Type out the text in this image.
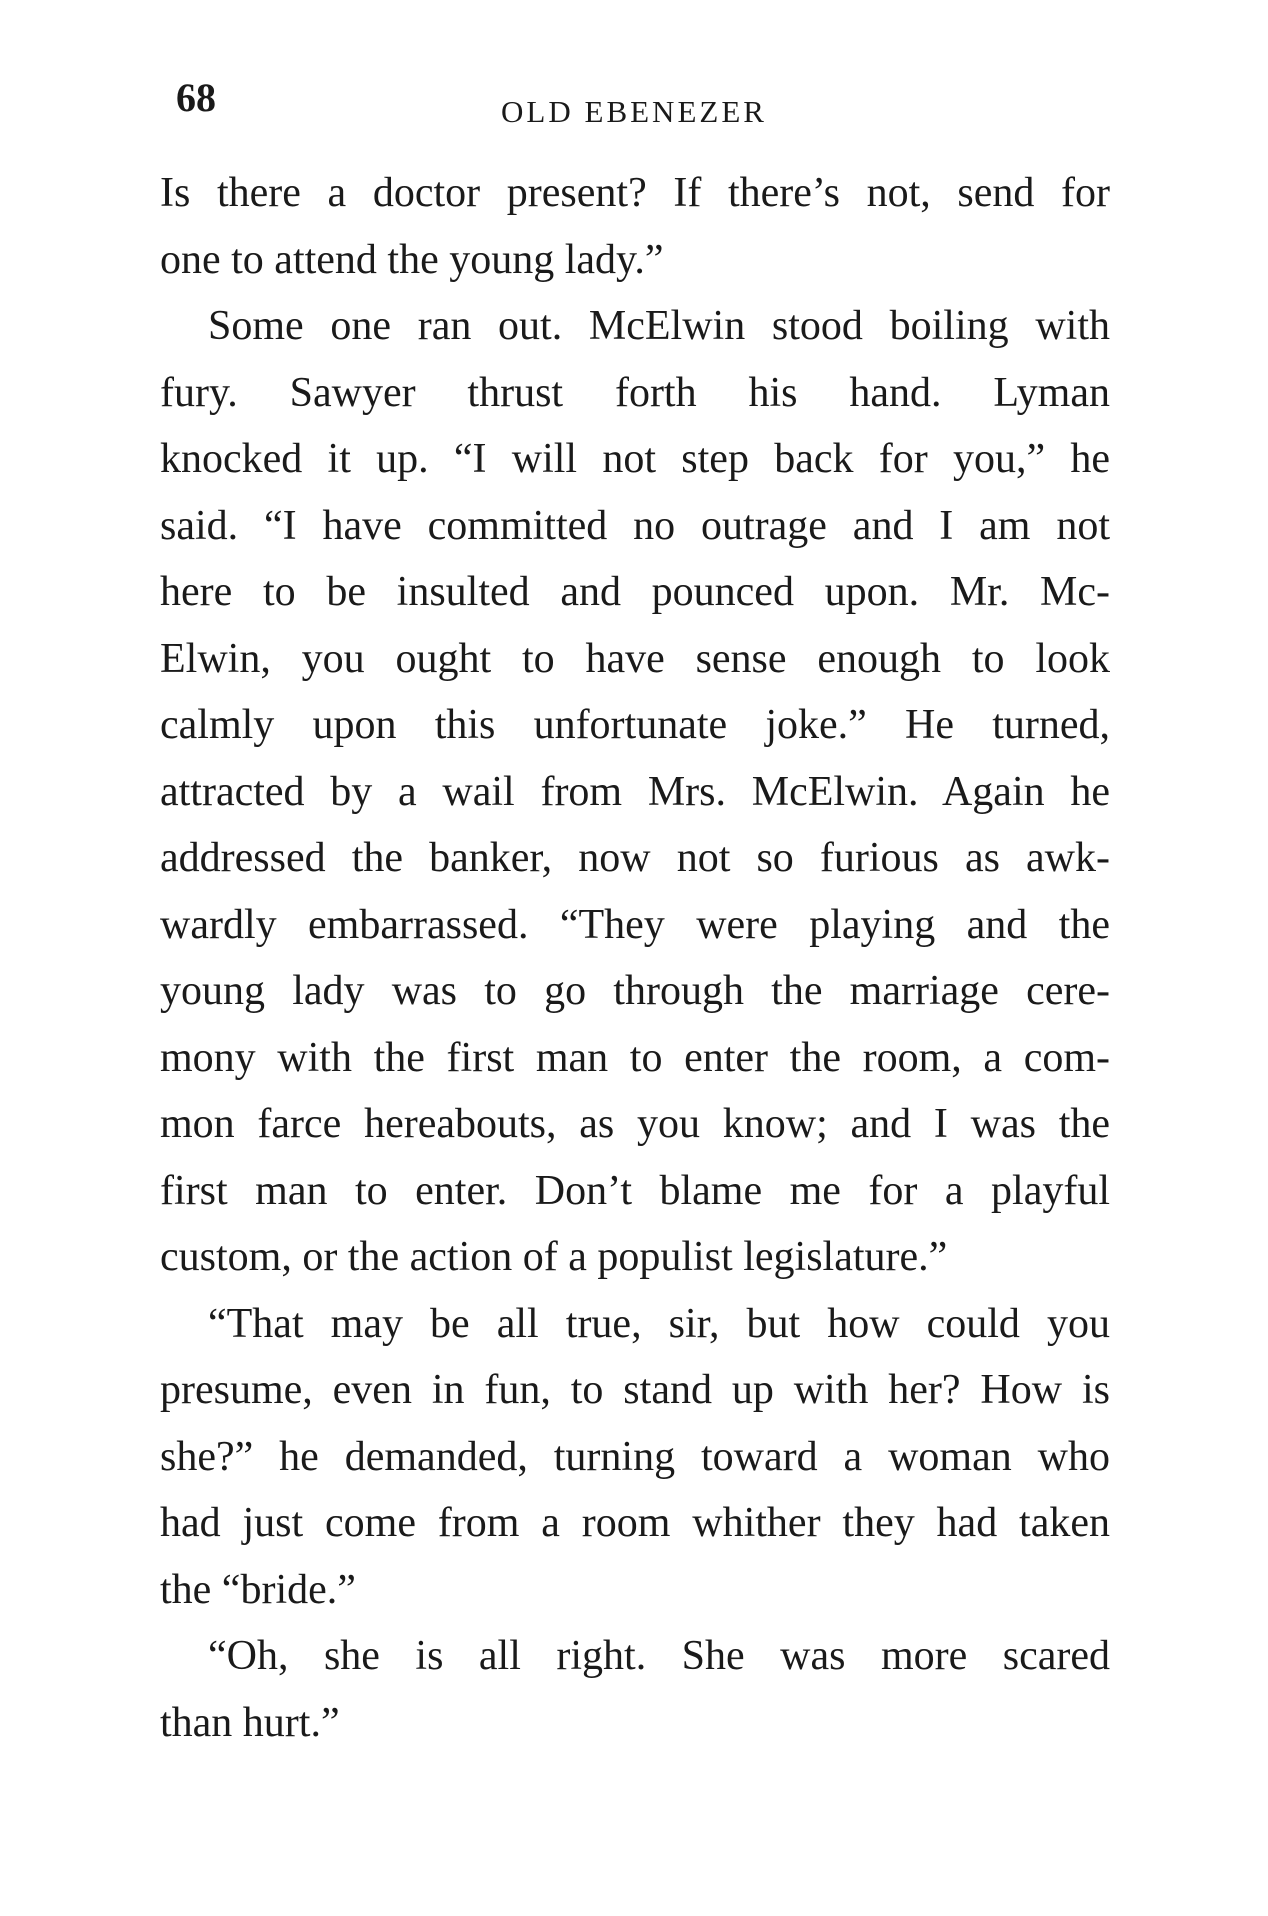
68	OLD EBENEZER
Is there a doctor present? If there’s not, send for
one to attend the young lady.”
Some one ran out. McElwin stood boiling with
fury. Sawyer thrust forth his hand. Lyman
knocked it up. “I will not step back for you,” he
said. “I have committed no outrage and I am not
here to be insulted and pounced upon. Mr. Mc-
Elwin, you ought to have sense enough to look
calmly upon this unfortunate joke.” He turned,
attracted by a wail from Mrs. McElwin. Again he
addressed the banker, now not so furious as awk-
wardly embarrassed. “They were playing and the
young lady was to go through the marriage cere-
mony with the first man to enter the room, a com-
mon farce hereabouts, as you know; and I was the
first man to enter. Don’t blame me for a playful
custom, or the action of a populist legislature.”
“That may be all true, sir, but how could you
presume, even in fun, to stand up with her? How is
she?” he demanded, turning toward a woman who
had just come from a room whither they had taken
the “bride.”
“Oh, she is all right. She was more scared
than hurt.”
